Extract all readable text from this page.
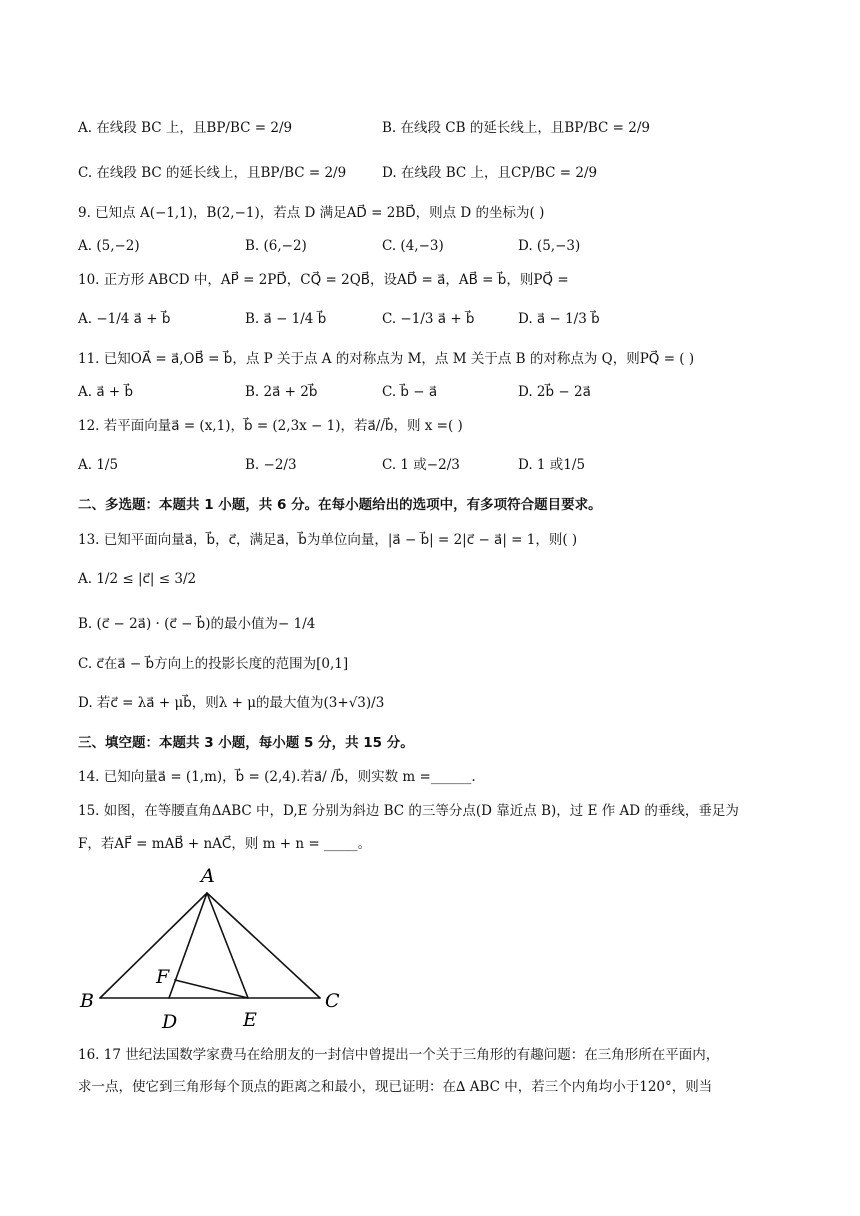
A. 在线段 BC 上，且BP/BC = 2/9	B. 在线段 CB 的延长线上，且BP/BC = 2/9
C. 在线段 BC 的延长线上，且BP/BC = 2/9	D. 在线段 BC 上，且CP/BC = 2/9
9. 已知点 A(−1,1)，B(2,−1)，若点 D 满足AD⃗ = 2BD⃗，则点 D 的坐标为( )
A. (5,−2)	B. (6,−2)	C. (4,−3)	D. (5,−3)
10. 正方形 ABCD 中，AP⃗ = 2PD⃗，CQ⃗ = 2QB⃗，设AD⃗ = a⃗，AB⃗ = b⃗，则PQ⃗ =
A. −1/4 a⃗ + b⃗	B. a⃗ − 1/4 b⃗	C. −1/3 a⃗ + b⃗	D. a⃗ − 1/3 b⃗
11. 已知OA⃗ = a⃗,OB⃗ = b⃗，点 P 关于点 A 的对称点为 M，点 M 关于点 B 的对称点为 Q，则PQ⃗ = ( )
A. a⃗ + b⃗	B. 2a⃗ + 2b⃗	C. b⃗ − a⃗	D. 2b⃗ − 2a⃗
12. 若平面向量a⃗ = (x,1)，b⃗ = (2,3x − 1)，若a⃗//b⃗，则 x =( )
A. 1/5	B. −2/3	C. 1 或−2/3	D. 1 或1/5
二、多选题：本题共 1 小题，共 6 分。在每小题给出的选项中，有多项符合题目要求。
13. 已知平面向量a⃗，b⃗，c⃗，满足a⃗，b⃗为单位向量，|a⃗ − b⃗| = 2|c⃗ − a⃗| = 1，则( )
A. 1/2 ≤ |c⃗| ≤ 3/2
B. (c⃗ − 2a⃗) · (c⃗ − b⃗)的最小值为− 1/4
C. c⃗在a⃗ − b⃗方向上的投影长度的范围为[0,1]
D. 若c⃗ = λa⃗ + μb⃗，则λ + μ的最大值为(3+√3)/3
三、填空题：本题共 3 小题，每小题 5 分，共 15 分。
14. 已知向量a⃗ = (1,m)，b⃗ = (2,4).若a⃗/ /b⃗，则实数 m =______.
15. 如图，在等腰直角ΔABC 中，D,E 分别为斜边 BC 的三等分点(D 靠近点 B)，过 E 作 AD 的垂线，垂足为
F，若AF⃗ = mAB⃗ + nAC⃗，则 m + n = _____。
A
B	C
D	E
F
16. 17 世纪法国数学家费马在给朋友的一封信中曾提出一个关于三角形的有趣问题：在三角形所在平面内，
求一点，使它到三角形每个顶点的距离之和最小，现已证明：在∆ ABC 中，若三个内角均小于120°，则当
